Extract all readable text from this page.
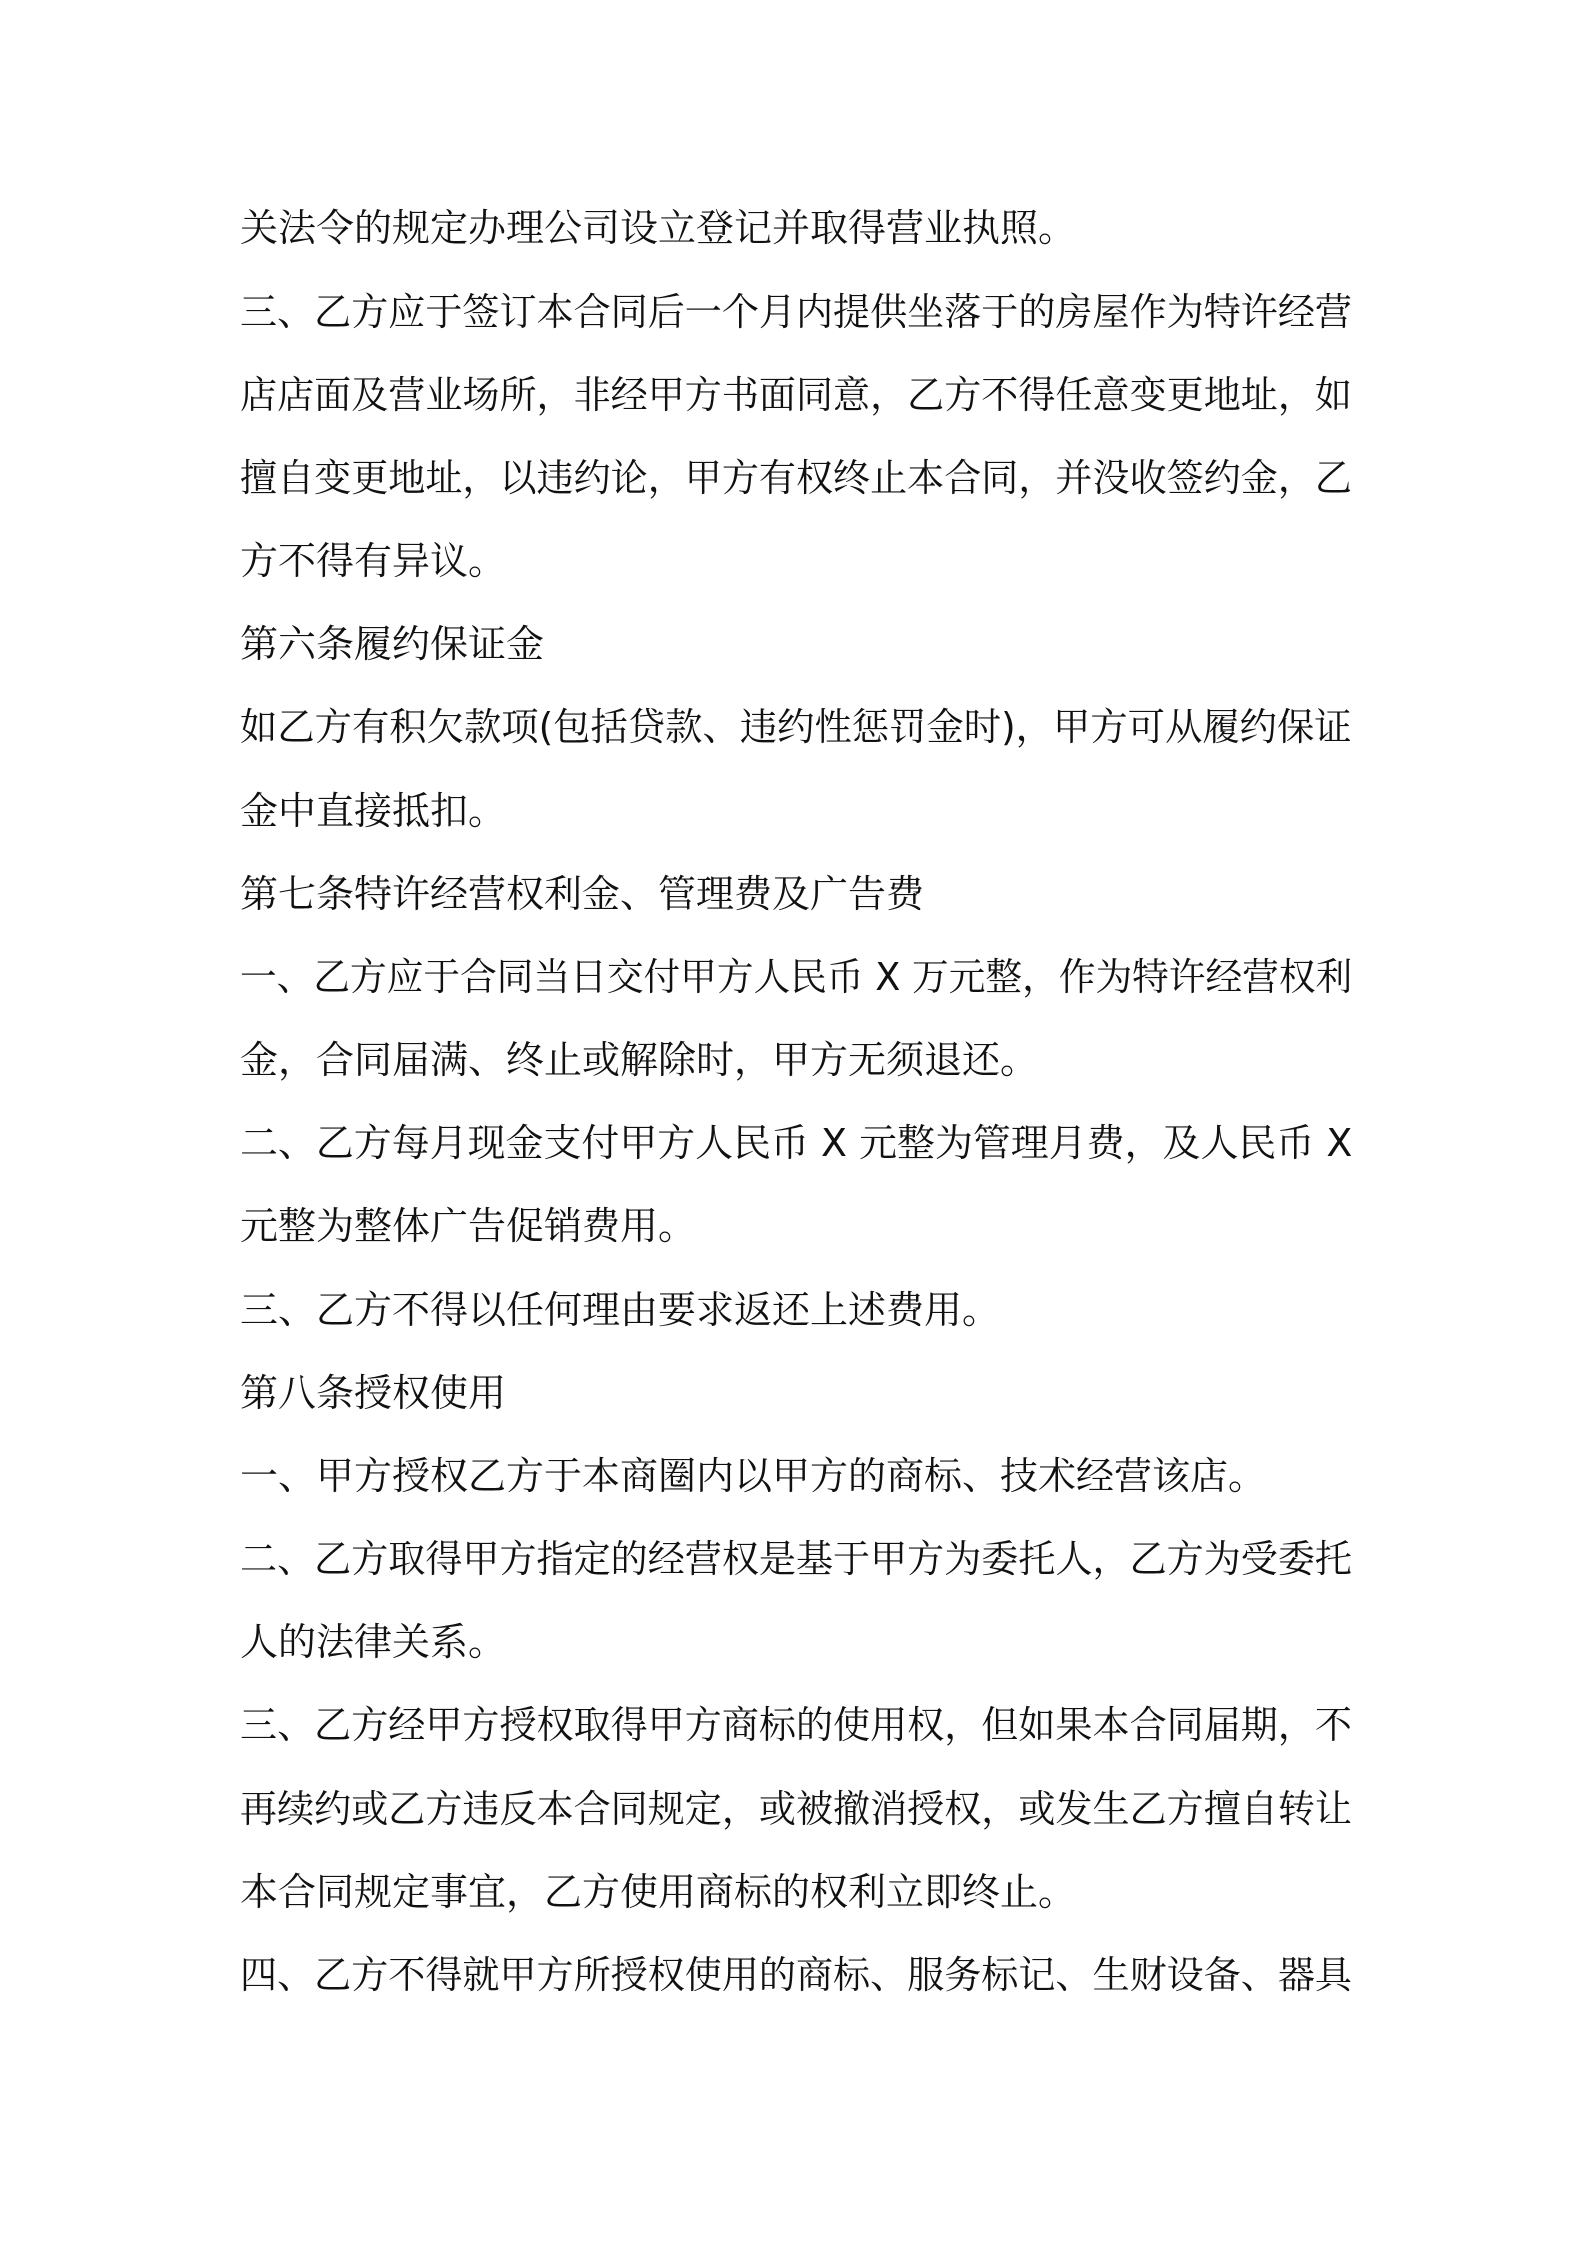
关法令的规定办理公司设立登记并取得营业执照。
三、乙方应于签订本合同后一个月内提供坐落于的房屋作为特许经营
店店面及营业场所，非经甲方书面同意，乙方不得任意变更地址，如
擅自变更地址，以违约论，甲方有权终止本合同，并没收签约金，乙
方不得有异议。
第六条履约保证金
如乙方有积欠款项(包括贷款、违约性惩罚金时)，甲方可从履约保证
金中直接抵扣。
第七条特许经营权利金、管理费及广告费
一、乙方应于合同当日交付甲方人民币 X 万元整，作为特许经营权利
金，合同届满、终止或解除时，甲方无须退还。
二、乙方每月现金支付甲方人民币 X 元整为管理月费，及人民币 X
元整为整体广告促销费用。
三、乙方不得以任何理由要求返还上述费用。
第八条授权使用
一、甲方授权乙方于本商圈内以甲方的商标、技术经营该店。
二、乙方取得甲方指定的经营权是基于甲方为委托人，乙方为受委托
人的法律关系。
三、乙方经甲方授权取得甲方商标的使用权，但如果本合同届期，不
再续约或乙方违反本合同规定，或被撤消授权，或发生乙方擅自转让
本合同规定事宜，乙方使用商标的权利立即终止。
四、乙方不得就甲方所授权使用的商标、服务标记、生财设备、器具
